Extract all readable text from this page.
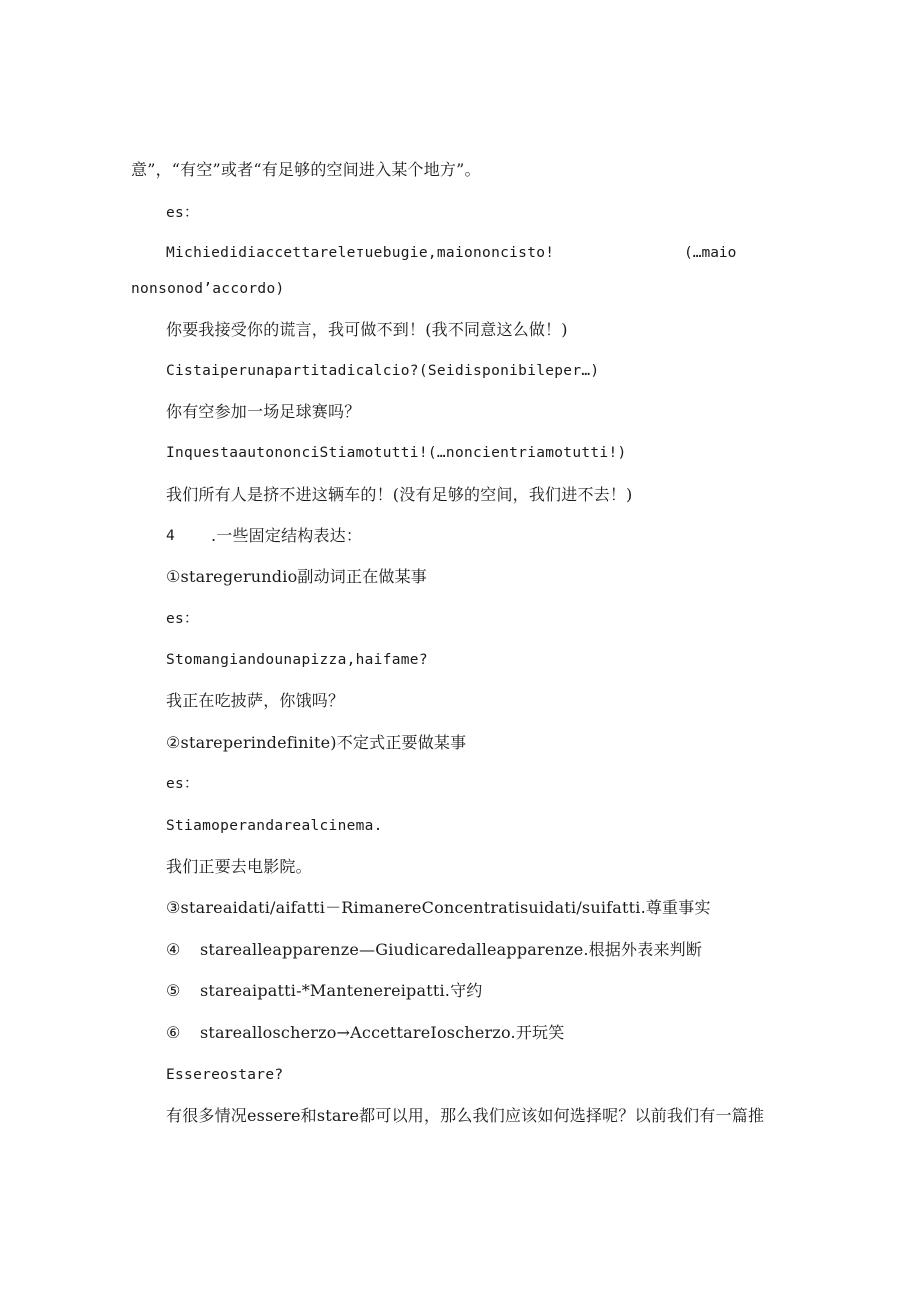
意”，“有空”或者“有足够的空间进入某个地方”。
es：
Michiedidiaccettarelетuebugie,maiononcisto!	(…maio
nonsonod’accordo)
你要我接受你的谎言，我可做不到！(我不同意这么做！)
Cistaiperunapartitadicalcio?(Seidisponibileper…)
你有空参加一场足球赛吗？
InquestaautononciStiamotutti!(…noncientriamotutti!)
我们所有人是挤不进这辆车的！(没有足够的空间，我们进不去！)
4 .一些固定结构表达：
①staregerundio副动词正在做某事
es：
Stomangiandounapizza,haifame?
我正在吃披萨，你饿吗？
②stareperindefinite)不定式正要做某事
es：
Stiamoperandarealcinema.
我们正要去电影院。
③stareaidati/aifatti－RimanereConcentratisuidati/suifatti.尊重事实
④ starealleapparenze—Giudicaredalleapparenze.根据外表来判断
⑤ stareaipatti-*Mantenereipatti.守约
⑥ starealloscherzo→AccettareIoscherzo.开玩笑
Essereostare?
有很多情况essere和stare都可以用，那么我们应该如何选择呢？以前我们有一篇推
